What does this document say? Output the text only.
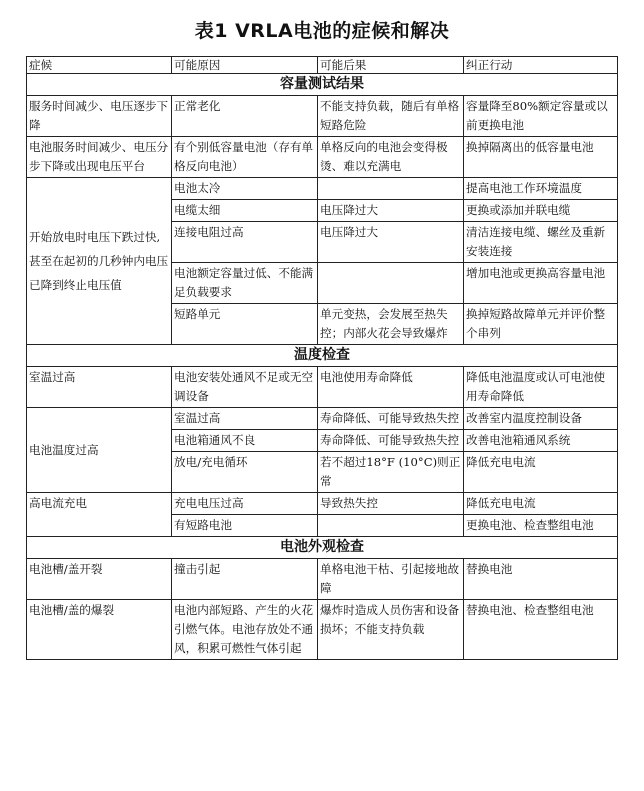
表1 VRLA电池的症候和解决
症候	可能原因	可能后果	纠正行动
容量测试结果			
服务时间减少、电压逐步下降	正常老化	不能支持负载，随后有单格短路危险	容量降至80%额定容量或以前更换电池
电池服务时间减少、电压分步下降或出现电压平台	有个别低容量电池（存有单格反向电池）	单格反向的电池会变得极烫、难以充满电	换掉隔离出的低容量电池
开始放电时电压下跌过快,甚至在起初的几秒钟内电压已降到终止电压值	电池太冷		提高电池工作环境温度
	电缆太细	电压降过大	更换或添加并联电缆
	连接电阻过高	电压降过大	清洁连接电缆、螺丝及重新安装连接
	电池额定容量过低、不能满足负载要求		增加电池或更换高容量电池
	短路单元	单元变热，会发展至热失控；内部火花会导致爆炸	换掉短路故障单元并评价整个串列
温度检查			
室温过高	电池安装处通风不足或无空调设备	电池使用寿命降低	降低电池温度或认可电池使用寿命降低
电池温度过高	室温过高	寿命降低、可能导致热失控	改善室内温度控制设备
	电池箱通风不良	寿命降低、可能导致热失控	改善电池箱通风系统
	放电/充电循环	若不超过18°F (10°C)则正常	降低充电电流
高电流充电	充电电压过高	导致热失控	降低充电电流
	有短路电池		更换电池、检查整组电池
电池外观检查			
电池槽/盖开裂	撞击引起	单格电池干枯、引起接地故障	替换电池
电池槽/盖的爆裂	电池内部短路、产生的火花引燃气体。电池存放处不通风，积累可燃性气体引起	爆炸时造成人员伤害和设备损坏；不能支持负载	替换电池、检查整组电池
